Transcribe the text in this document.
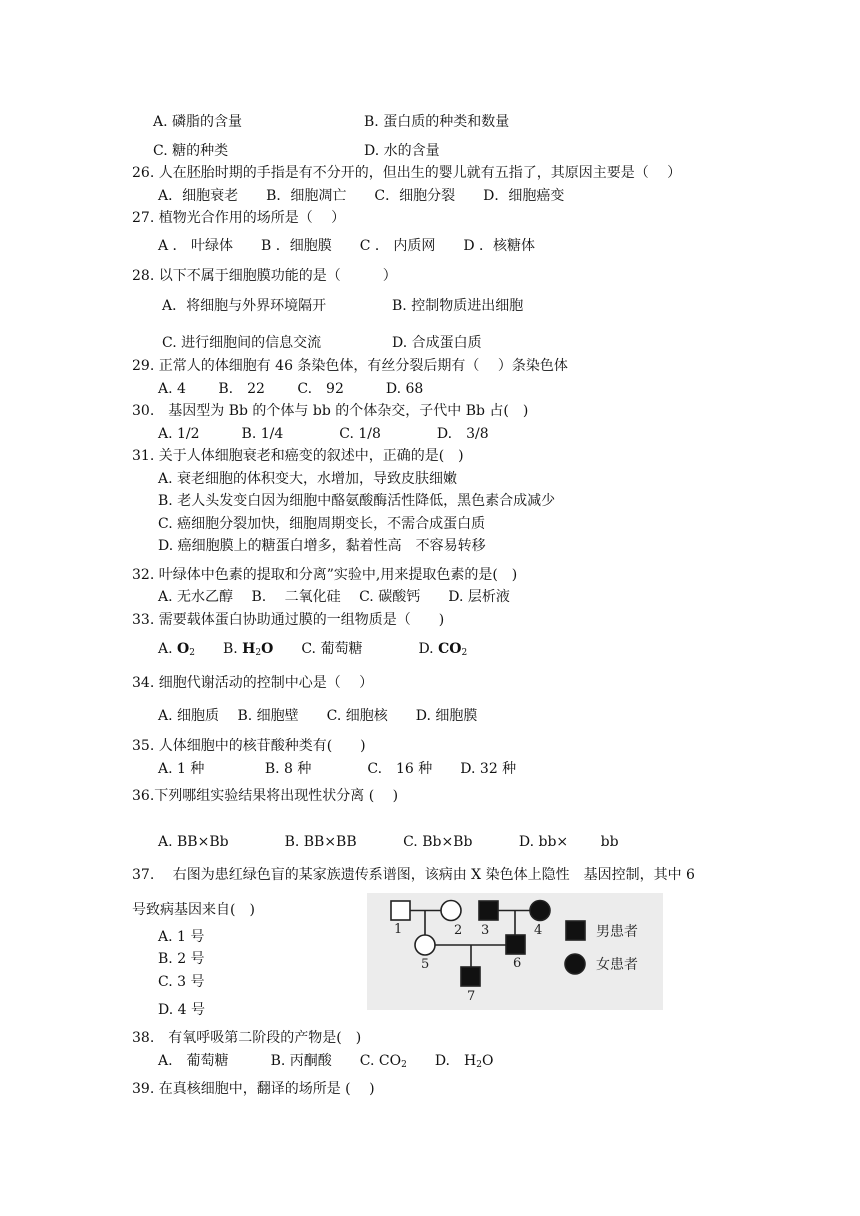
A. 磷脂的含量	B. 蛋白质的种类和数量
C. 糖的种类	D. 水的含量
26. 人在胚胎时期的手指是有不分开的，但出生的婴儿就有五指了，其原因主要是（　 ）
A．细胞衰老　　B．细胞凋亡　　C．细胞分裂　　D．细胞癌变
27. 植物光合作用的场所是（　 ）
A ． 叶绿体　　B ．细胞膜　　C ． 内质网　　D ．核糖体
28. 以下不属于细胞膜功能的是（　　　）
A．将细胞与外界环境隔开	B. 控制物质进出细胞
C. 进行细胞间的信息交流	D. 合成蛋白质
29. 正常人的体细胞有 46 条染色体，有丝分裂后期有（　 ）条染色体
A. 4　　 B.　22　　 C.　92　　　D. 68
30.　基因型为 Bb 的个体与 bb 的个体杂交，子代中 Bb 占(　)
A. 1/2　　　B. 1/4　　　　C. 1/8　　　　D.　3/8
31. 关于人体细胞衰老和癌变的叙述中，正确的是(　)
A. 衰老细胞的体积变大，水增加，导致皮肤细嫩
B. 老人头发变白因为细胞中酪氨酸酶活性降低，黑色素合成减少
C. 癌细胞分裂加快，细胞周期变长，不需合成蛋白质
D. 癌细胞膜上的糖蛋白增多，黏着性高　不容易转移
32. 叶绿体中色素的提取和分离”实验中,用来提取色素的是(　)
A. 无水乙醇　 B.　 二氧化硅　 C. 碳酸钙　　D. 层析液
33. 需要载体蛋白协助通过膜的一组物质是（　　)
A. $O_2$　　 B. $H_2O$　　 C. 葡萄糖　　　　	D. $CO_2$
34. 细胞代谢活动的控制中心是（　 ）
A. 细胞质　 B. 细胞壁　　C. 细胞核　　D. 细胞膜
35. 人体细胞中的核苷酸种类有(　　)
A. 1 种　　　　 B. 8 种　　　　C.　16 种　　D. 32 种
36.下列哪组实验结果将出现性状分离 (　 )
A. BB×Bb　　　　B. BB×BB　　　 C. Bb×Bb　　　 D. bb×　　 bb
37.　 右图为患红绿色盲的某家族遗传系谱图，该病由 X 染色体上隐性　基因控制，其中 6
号致病基因来自(　)
A. 1 号
B. 2 号
C. 3 号
D. 4 号
1	2 3	4
5	6
7
男患者
女患者
38.　有氧呼吸第二阶段的产物是(　)
A.　葡萄糖　　　	B. 丙酮酸　　 C. $CO_2$　　 D.　 $H_2O$
39. 在真核细胞中，翻译的场所是 (　 )
